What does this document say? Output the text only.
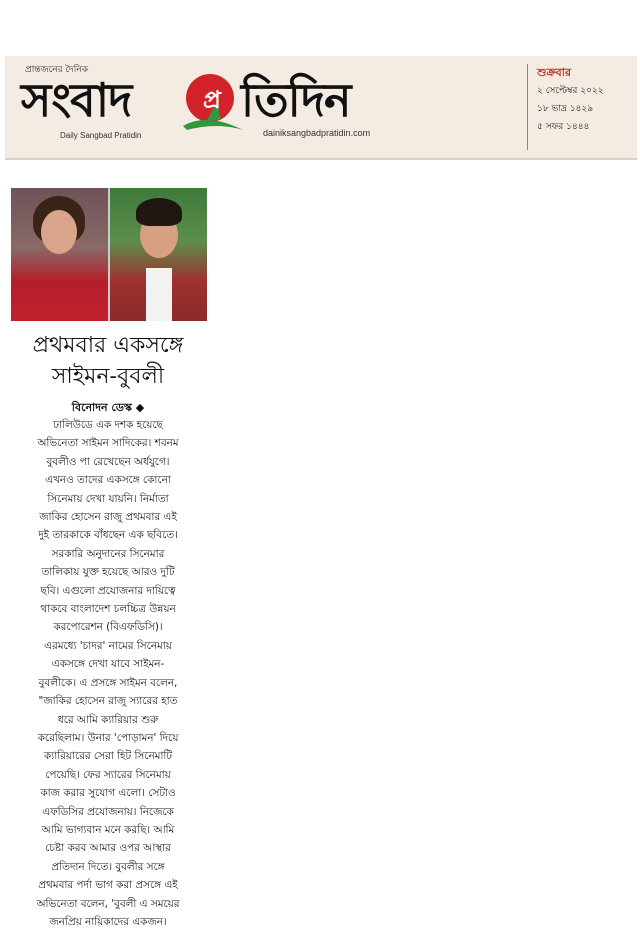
প্রান্তজনের দৈনিক
সংবাদ	প্র তিদিন
Daily Sangbad Pratidin	dainiksangbadpratidin.com
শুক্রবার
২ সেপ্টেম্বর ২০২২
১৮ ভাদ্র ১৪২৯
৫ সফর ১৪৪৪
প্রথমবার একসঙ্গে
সাইমন-বুবলী
বিনোদন ডেস্ক ◆
ঢালিউডে এক দশক হয়েছে
অভিনেতা সাইমন সাদিকের। শবনম
বুবলীও পা রেখেছেন অর্ধযুগে।
এখনও তাদের একসঙ্গে কোনো
সিনেমায় দেখা যায়নি। নির্মাতা
জাকির হোসেন রাজু প্রথমবার এই
দুই তারকাকে বাঁধছেন এক ছবিতে।
সরকারি অনুদানের সিনেমার
তালিকায় যুক্ত হয়েছে আরও দুটি
ছবি। এগুলো প্রযোজনার দায়িত্বে
থাকবে বাংলাদেশ চলচ্চিত্র উন্নয়ন
করপোরেশন (বিএফডিসি)।
এরমধ্যে 'চাদর' নামের সিনেমায়
একসঙ্গে দেখা যাবে সাইমন-
বুবলীকে। এ প্রসঙ্গে সাইমন বলেন,
"জাকির হোসেন রাজু স্যারের হাত
ধরে আমি ক্যারিয়ার শুরু
করেছিলাম। উনার 'পোড়ামন' দিয়ে
ক্যারিয়ারের সেরা হিট সিনেমাটি
পেয়েছি। ফের স্যারের সিনেমায়
কাজ করার সুযোগ এলো। সেটাও
এফডিসির প্রযোজনায়। নিজেকে
আমি ভাগ্যবান মনে করছি। আমি
চেষ্টা করব আমার ওপর আস্থার
প্রতিদান দিতে। বুবলীর সঙ্গে
প্রথমবার পর্দা ভাগ করা প্রসঙ্গে এই
অভিনেতা বলেন, 'বুবলী এ সময়ের
জনপ্রিয় নায়িকাদের একজন।
